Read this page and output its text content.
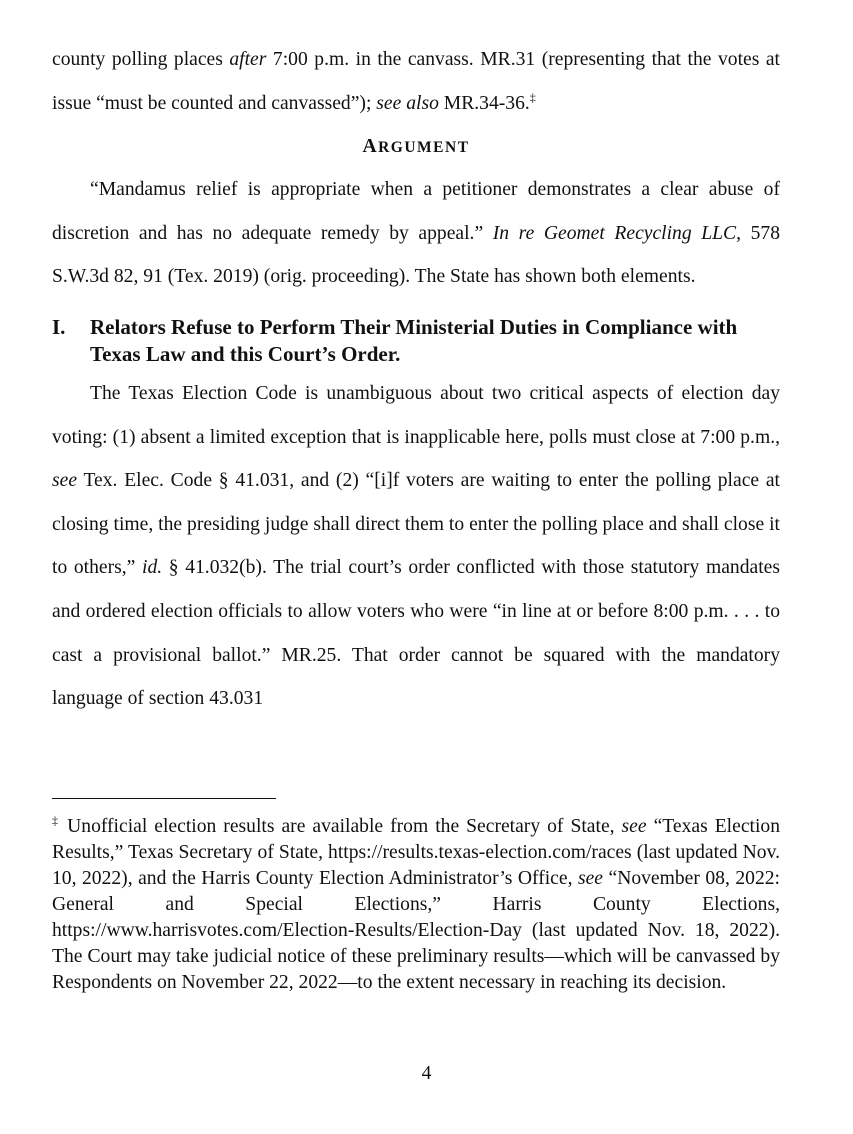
county polling places after 7:00 p.m. in the canvass. MR.31 (representing that the votes at issue “must be counted and canvassed”); see also MR.34-36.‡

ARGUMENT

“Mandamus relief is appropriate when a petitioner demonstrates a clear abuse of discretion and has no adequate remedy by appeal.” In re Geomet Recycling LLC, 578 S.W.3d 82, 91 (Tex. 2019) (orig. proceeding). The State has shown both elements.

I.	Relators Refuse to Perform Their Ministerial Duties in Compliance with Texas Law and this Court’s Order.

The Texas Election Code is unambiguous about two critical aspects of election day voting: (1) absent a limited exception that is inapplicable here, polls must close at 7:00 p.m., see Tex. Elec. Code § 41.031, and (2) “[i]f voters are waiting to enter the polling place at closing time, the presiding judge shall direct them to enter the polling place and shall close it to others,” id. § 41.032(b). The trial court’s order conflicted with those statutory mandates and ordered election officials to allow voters who were “in line at or before 8:00 p.m. . . . to cast a provisional ballot.” MR.25. That order cannot be squared with the mandatory language of section 43.031

‡ Unofficial election results are available from the Secretary of State, see “Texas Election Results,” Texas Secretary of State, https://results.texas-election.com/races (last updated Nov. 10, 2022), and the Harris County Election Administrator’s Office, see “November 08, 2022: General and Special Elections,” Harris County Elections, https://www.harrisvotes.com/Election-Results/Election-Day (last updated Nov. 18, 2022). The Court may take judicial notice of these preliminary results—which will be canvassed by Respondents on November 22, 2022—to the extent necessary in reaching its decision.

4
